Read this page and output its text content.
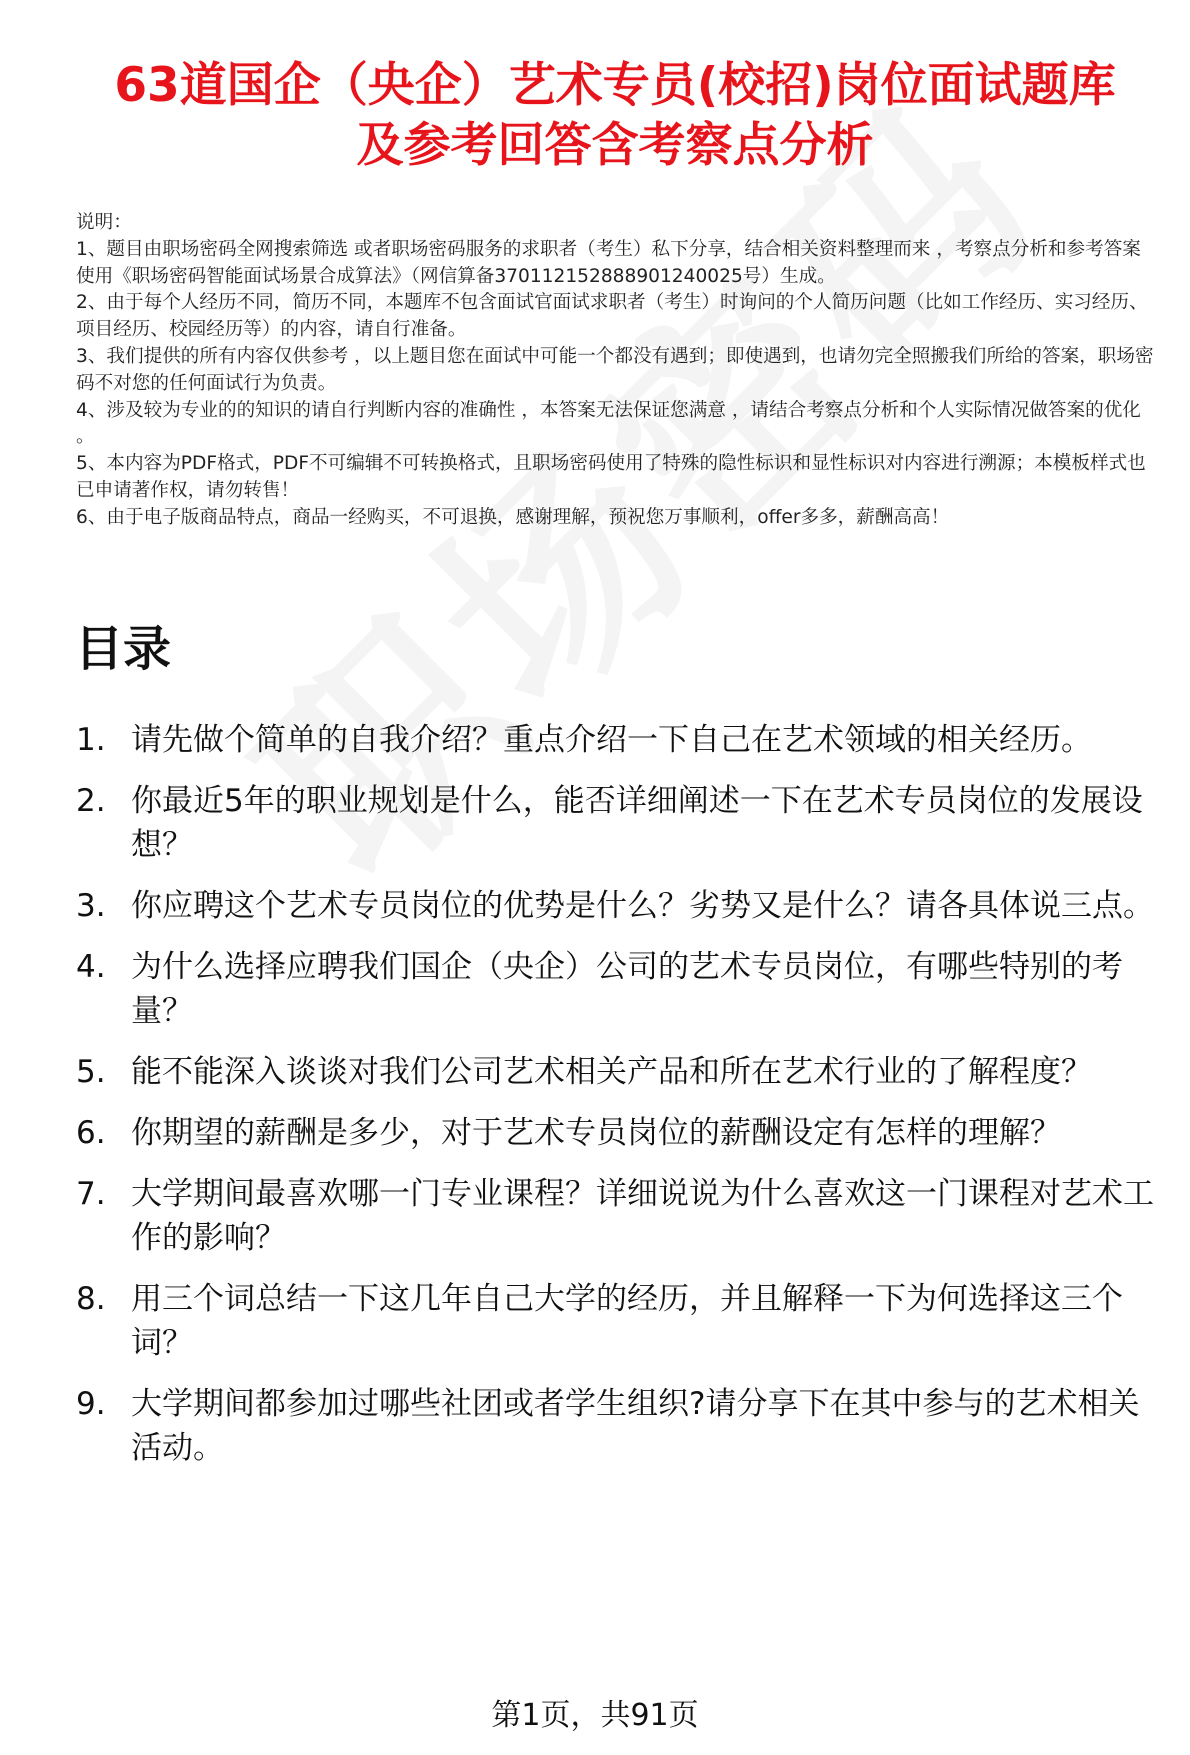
63道国企（央企）艺术专员(校招)岗位面试题库
及参考回答含考察点分析
说明：
1、题目由职场密码全网搜索筛选 或者职场密码服务的求职者（考生）私下分享，结合相关资料整理而来 ，考察点分析和参考答案使用《职场密码智能面试场景合成算法》（网信算备370112152888901240025号）生成。
2、由于每个人经历不同，简历不同，本题库不包含面试官面试求职者（考生）时询问的个人简历问题（比如工作经历、实习经历、项目经历、校园经历等）的内容，请自行准备。
3、我们提供的所有内容仅供参考 ，以上题目您在面试中可能一个都没有遇到；即使遇到，也请勿完全照搬我们所给的答案，职场密码不对您的任何面试行为负责。
4、涉及较为专业的的知识的请自行判断内容的准确性 ，本答案无法保证您满意 ，请结合考察点分析和个人实际情况做答案的优化 。
5、本内容为PDF格式，PDF不可编辑不可转换格式，且职场密码使用了特殊的隐性标识和显性标识对内容进行溯源；本模板样式也已申请著作权，请勿转售！
6、由于电子版商品特点，商品一经购买，不可退换，感谢理解，预祝您万事顺利，offer多多，薪酬高高！
目录
1. 请先做个简单的自我介绍？重点介绍一下自己在艺术领域的相关经历。
2. 你最近5年的职业规划是什么，能否详细阐述一下在艺术专员岗位的发展设想？
3. 你应聘这个艺术专员岗位的优势是什么？劣势又是什么？请各具体说三点。
4. 为什么选择应聘我们国企（央企）公司的艺术专员岗位，有哪些特别的考量？
5. 能不能深入谈谈对我们公司艺术相关产品和所在艺术行业的了解程度？
6. 你期望的薪酬是多少，对于艺术专员岗位的薪酬设定有怎样的理解？
7. 大学期间最喜欢哪一门专业课程？详细说说为什么喜欢这一门课程对艺术工作的影响？
8. 用三个词总结一下这几年自己大学的经历，并且解释一下为何选择这三个词？
9. 大学期间都参加过哪些社团或者学生组织?请分享下在其中参与的艺术相关活动。
第1页，共91页
